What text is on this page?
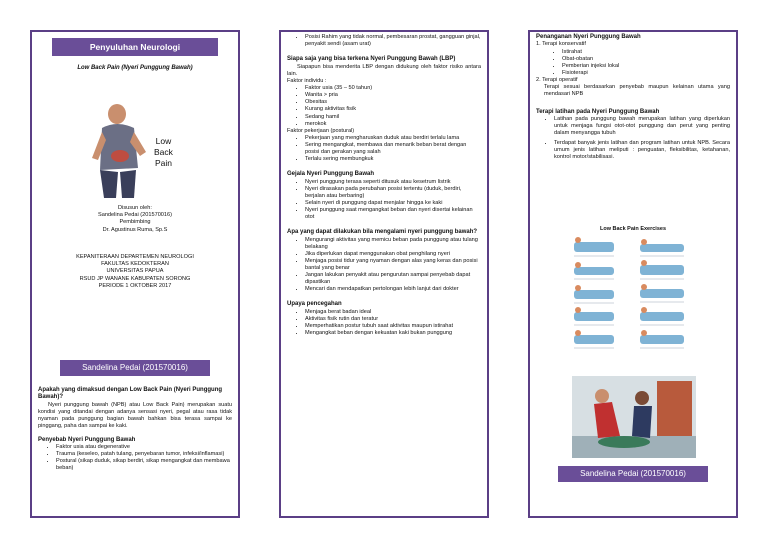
Penyuluhan Neurologi
Low Back Pain (Nyeri Punggung Bawah)
Low
Back
Pain
Disusun oleh:
Sandelina Pedai (201570016)
Pembimbing
Dr. Agustinus Ruma, Sp.S
KEPANITERAAN DEPARTEMEN NEUROLOGI
FAKULTAS KEDOKTERAN
UNIVERSITAS PAPUA
RSUD JP WANANE KABUPATEN SORONG
PERIODE 1 OKTOBER 2017
Sandelina Pedai (201570016)
Apakah yang dimaksud dengan Low Back Pain (Nyeri Punggung Bawah)?
Nyeri punggung bawah (NPB) atau Low Back Pain) merupakan suatu kondisi yang ditandai dengan adanya sensasi nyeri, pegal atau rasa tidak nyaman pada punggung bagian bawah bahkan bisa terasa sampai ke pinggang, paha dan sampai ke kaki.
Penyebab Nyeri Punggung Bawah
• Faktor usia atau degenerative
• Trauma (keseleo, patah tulang, penyebaran tumor, infeksi/inflamasi)
• Postural (sikap duduk, sikap berdiri, sikap mengangkat dan membawa beban)
• Posisi Rahim yang tidak normal, pembesaran prostat, gangguan ginjal, penyakit sendi (asam urat)
Siapa saja yang bisa terkena Nyeri Punggung Bawah (LBP)
Siapapun bisa menderita LBP dengan didukung oleh faktor risiko antara lain.
Faktor individu :
• Faktor usia (35 – 50 tahun)
• Wanita > pria
• Obesitas
• Kurang aktivitas fisik
• Sedang hamil
• merokok
Faktor pekerjaan (postural)
• Pekerjaan yang mengharuskan duduk atau berdiri terlalu lama
• Sering mengangkat, membawa dan menarik beban berat dengan posisi dan gerakan yang salah
• Terlalu sering membungkuk
Gejala Nyeri Punggung Bawah
• Nyeri punggung terasa seperti ditusuk atau kesetrum listrik
• Nyeri dirasakan pada perubahan posisi tertentu (duduk, berdiri, berjalan atau berbaring)
• Selain nyeri di punggung dapat menjalar hingga ke kaki
• Nyeri punggung saat mengangkat beban dan nyeri disertai kelainan otot
Apa yang dapat dilakukan bila mengalami nyeri punggung bawah?
• Mengurangi aktivitas yang memicu beban pada punggung atau tulang belakang
• Jika diperlukan dapat menggunakan obat penghilang nyeri
• Menjaga posisi tidur yang nyaman dengan alas yang keras dan posisi bantal yang benar
• Jangan lakukan penyakit atau pengurutan sampai penyebab dapat dipastikan
• Mencari dan mendapatkan pertolongan lebih lanjut dari dokter
Upaya pencegahan
• Menjaga berat badan ideal
• Aktivitas fisik rutin dan teratur
• Memperhatikan postur tubuh saat aktivitas maupun istirahat
• Mengangkat beban dengan kekuatan kaki bukan punggung
Penanganan Nyeri Punggung Bawah
1. Terapi konservatif
• Istirahat
• Obat-obatan
• Pemberian injeksi lokal
• Fisioterapi
2. Terapi operatif
Terapi sesuai berdasarkan penyebab maupun kelainan utama yang mendasari NPB
Terapi latihan pada Nyeri Punggung Bawah
• Latihan pada punggung bawah merupakan latihan yang diperlukan untuk menjaga fungsi otot-otot punggung dan perut yang penting dalam menyangga tubuh
• Terdapat banyak jenis latihan dan program latihan untuk NPB. Secara umum jenis latihan meliputi : penguatan, fleksibilitas, ketahanan, kontrol motor/stabilisasi.
Low Back Pain Exercises
Sandelina Pedai (201570016)
